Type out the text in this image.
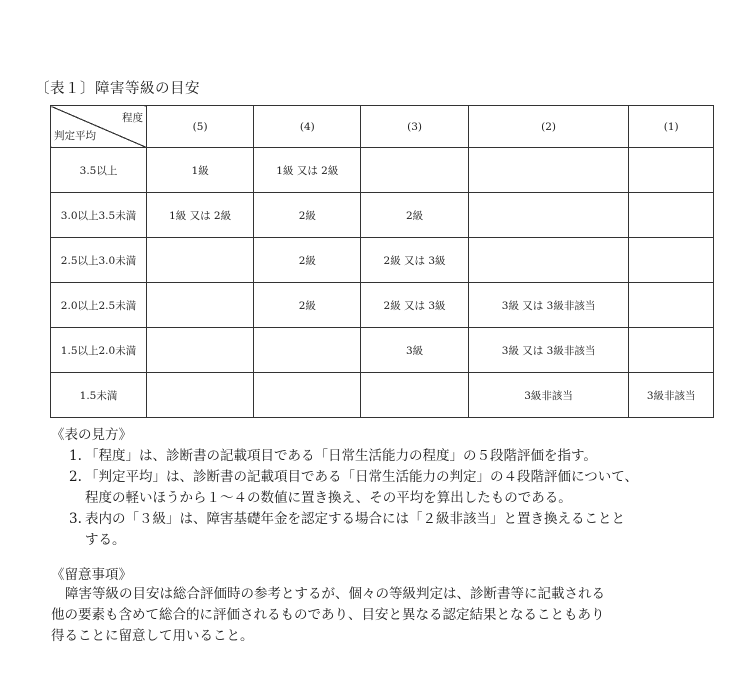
〔表１〕障害等級の目安
程度
判定平均	(5)	(4)	(3)	(2)	(1)
3.5以上	1級	1級 又は 2級			
3.0以上3.5未満	1級 又は 2級	2級	2級		
2.5以上3.0未満		2級	2級 又は 3級		
2.0以上2.5未満		2級	2級 又は 3級	3級 又は 3級非該当	
1.5以上2.0未満			3級	3級 又は 3級非該当	
1.5未満				3級非該当	3級非該当
《表の見方》
1. 「程度」は、診断書の記載項目である「日常生活能力の程度」の５段階評価を指す。
2. 「判定平均」は、診断書の記載項目である「日常生活能力の判定」の４段階評価について、
程度の軽いほうから１～４の数値に置き換え、その平均を算出したものである。
3. 表内の「３級」は、障害基礎年金を認定する場合には「２級非該当」と置き換えることと
する。
《留意事項》
障害等級の目安は総合評価時の参考とするが、個々の等級判定は、診断書等に記載される
他の要素も含めて総合的に評価されるものであり、目安と異なる認定結果となることもあり
得ることに留意して用いること。
